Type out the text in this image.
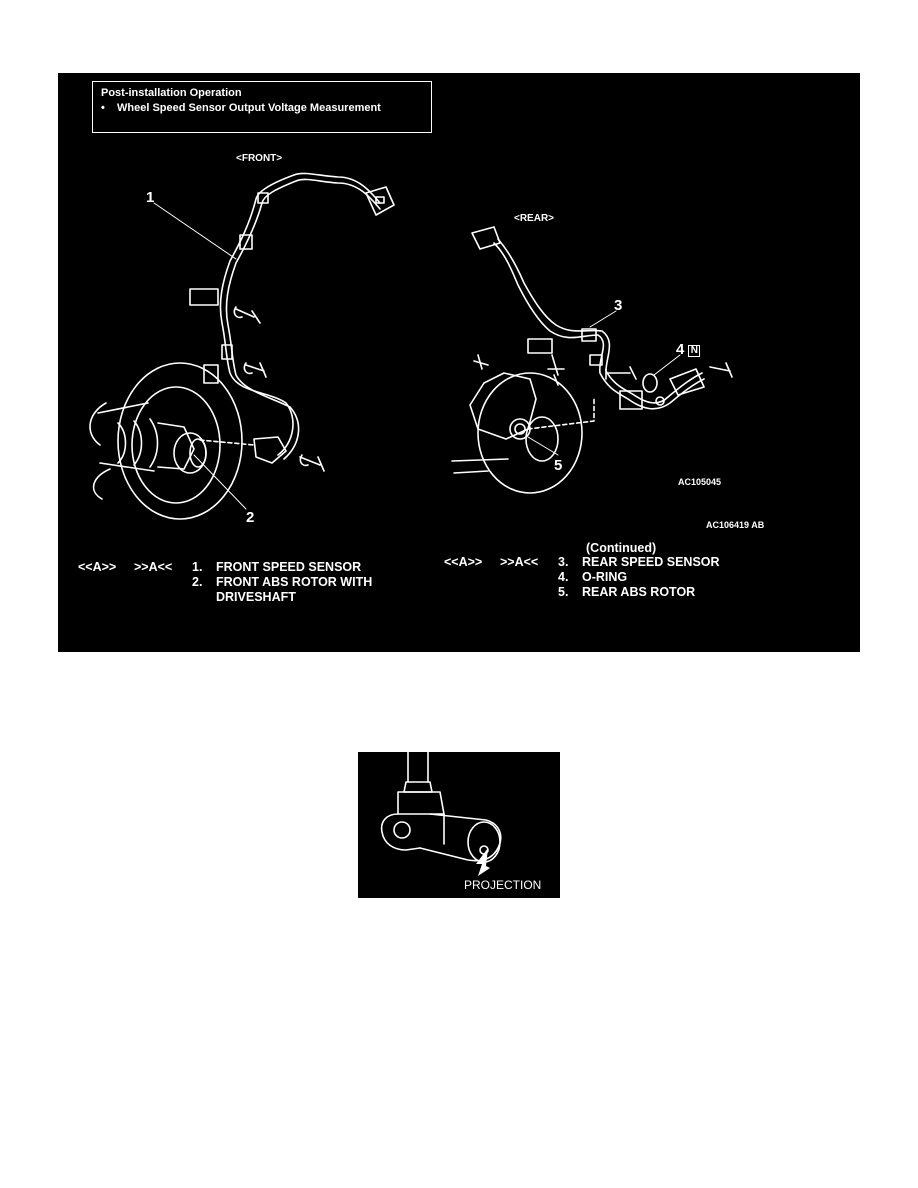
Post-installation Operation
• Wheel Speed Sensor Output Voltage Measurement
<FRONT>
<REAR>
1
2
3
4 N
5
AC105045
AC106419 AB
<<A>>	>>A<<	1.	FRONT SPEED SENSOR
2.	FRONT ABS ROTOR WITH
DRIVESHAFT
(Continued)
<<A>>	>>A<<	3.	REAR SPEED SENSOR
4.	O-RING
5.	REAR ABS ROTOR
PROJECTION
